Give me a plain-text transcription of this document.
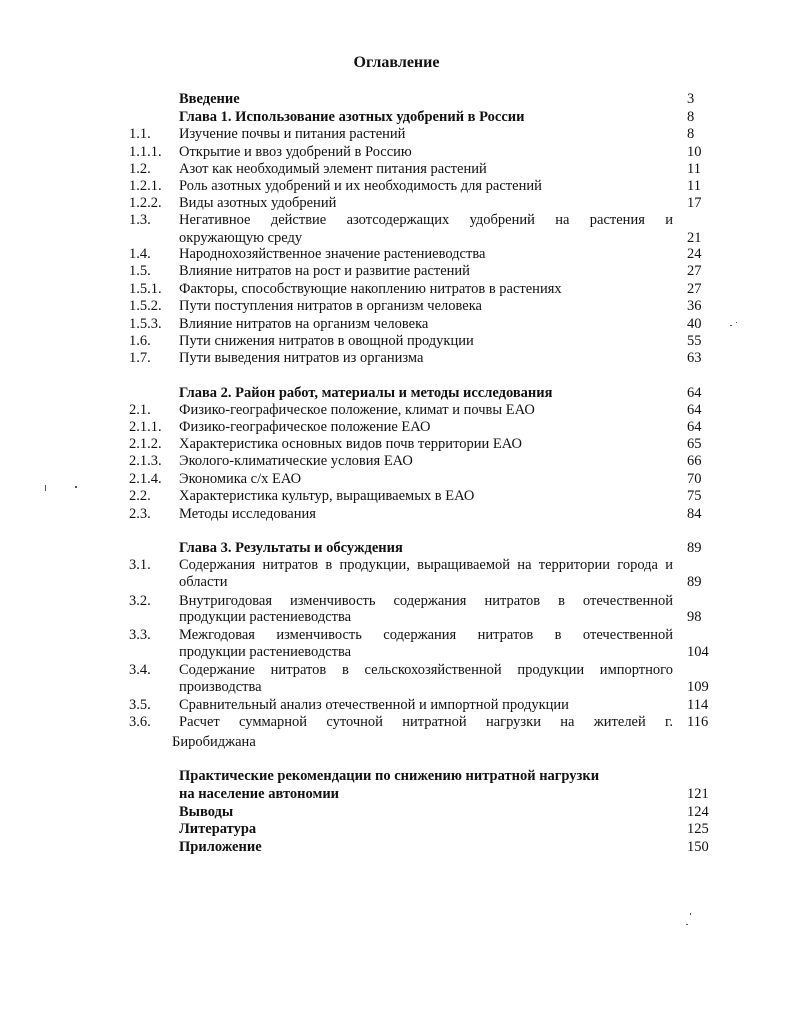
Оглавление
Введение	3
Глава 1. Использование азотных удобрений в России	8
1.1. Изучение почвы и питания растений	8
1.1.1. Открытие и ввоз удобрений в Россию	10
1.2. Азот как необходимый элемент питания растений	11
1.2.1. Роль азотных удобрений и их необходимость для растений	11
1.2.2. Виды азотных удобрений	17
1.3. Негативное действие азотсодержащих удобрений на растения и
окружающую среду	21
1.4. Народнохозяйственное значение растениеводства	24
1.5. Влияние нитратов на рост и развитие растений	27
1.5.1. Факторы, способствующие накоплению нитратов в растениях	27
1.5.2. Пути поступления нитратов в организм человека	36
1.5.3. Влияние нитратов на организм человека	40
1.6. Пути снижения нитратов в овощной продукции	55
1.7. Пути выведения нитратов из организма	63
Глава 2. Район работ, материалы и методы исследования	64
2.1. Физико-географическое положение, климат и почвы ЕАО	64
2.1.1. Физико-географическое положение ЕАО	64
2.1.2. Характеристика основных видов почв территории ЕАО	65
2.1.3. Эколого-климатические условия ЕАО	66
2.1.4. Экономика с/х ЕАО	70
2.2. Характеристика культур, выращиваемых в ЕАО	75
2.3. Методы исследования	84
Глава 3. Результаты и обсуждения	89
3.1. Содержания нитратов в продукции, выращиваемой на территории города и
области	89
3.2. Внутригодовая изменчивость содержания нитратов в отечественной
продукции растениеводства	98
3.3. Межгодовая изменчивость содержания нитратов в отечественной
продукции растениеводства	104
3.4. Содержание нитратов в сельскохозяйственной продукции импортного
производства	109
3.5. Сравнительный анализ отечественной и импортной продукции	114
3.6. Расчет суммарной суточной нитратной нагрузки на жителей г. 116
Биробиджана
Практические рекомендации по снижению нитратной нагрузки
на население автономии	121
Выводы	124
Литература	125
Приложение	150
